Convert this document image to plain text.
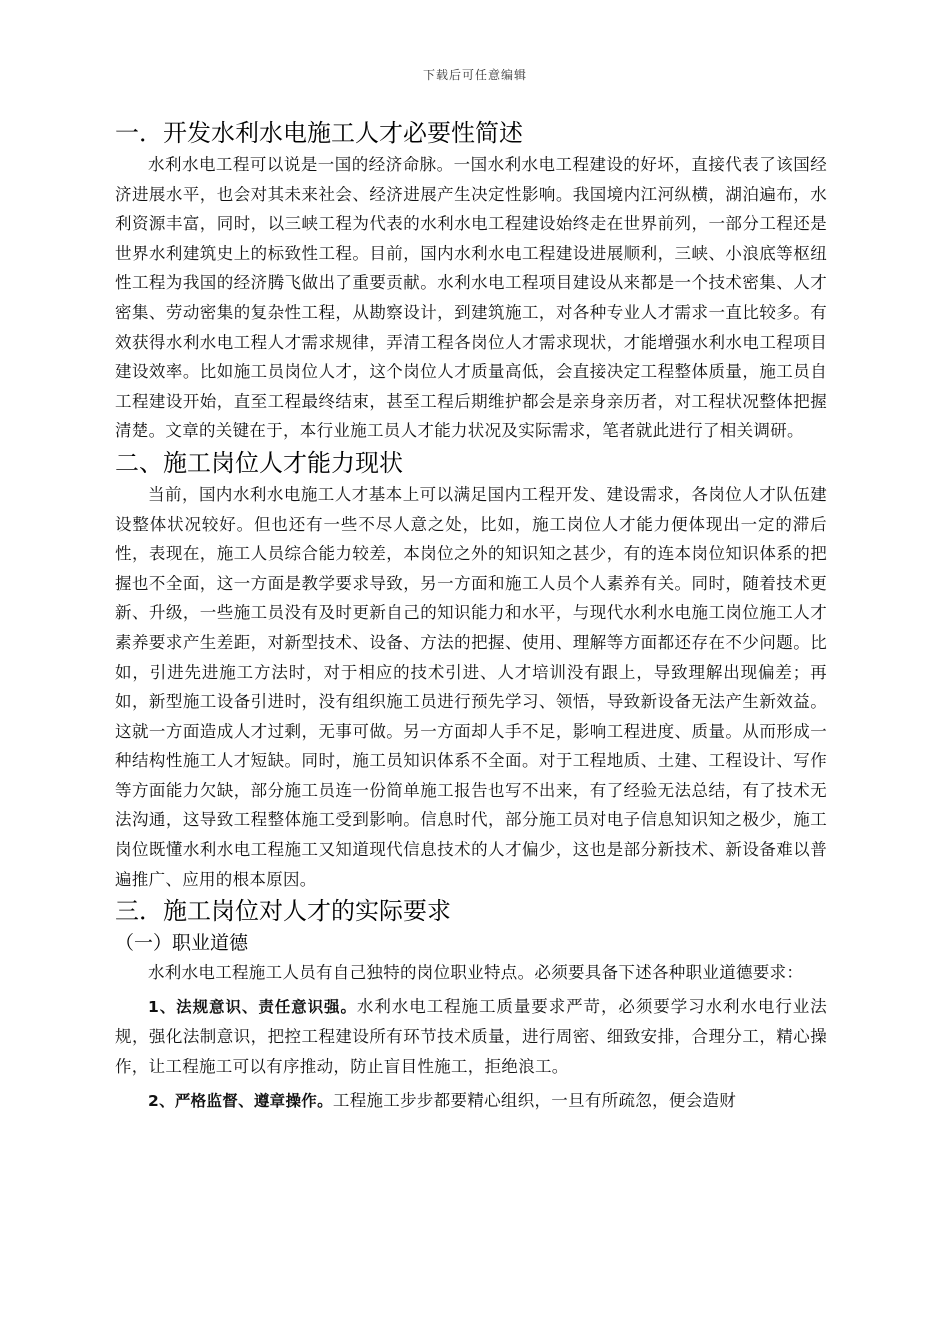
下载后可任意编辑
一．开发水利水电施工人才必要性简述

水利水电工程可以说是一国的经济命脉。一国水利水电工程建设的好坏，直接代表了该国经济进展水平，也会对其未来社会、经济进展产生决定性影响。我国境内江河纵横，湖泊遍布，水利资源丰富，同时，以三峡工程为代表的水利水电工程建设始终走在世界前列，一部分工程还是世界水利建筑史上的标致性工程。目前，国内水利水电工程建设进展顺利，三峡、小浪底等枢纽性工程为我国的经济腾飞做出了重要贡献。水利水电工程项目建设从来都是一个技术密集、人才密集、劳动密集的复杂性工程，从勘察设计，到建筑施工，对各种专业人才需求一直比较多。有效获得水利水电工程人才需求规律，弄清工程各岗位人才需求现状，才能增强水利水电工程项目建设效率。比如施工员岗位人才，这个岗位人才质量高低，会直接决定工程整体质量，施工员自工程建设开始，直至工程最终结束，甚至工程后期维护都会是亲身亲历者，对工程状况整体把握清楚。文章的关键在于，本行业施工员人才能力状况及实际需求，笔者就此进行了相关调研。

二、施工岗位人才能力现状

当前，国内水利水电施工人才基本上可以满足国内工程开发、建设需求，各岗位人才队伍建设整体状况较好。但也还有一些不尽人意之处，比如，施工岗位人才能力便体现出一定的滞后性，表现在，施工人员综合能力较差，本岗位之外的知识知之甚少，有的连本岗位知识体系的把握也不全面，这一方面是教学要求导致，另一方面和施工人员个人素养有关。同时，随着技术更新、升级，一些施工员没有及时更新自己的知识能力和水平，与现代水利水电施工岗位施工人才素养要求产生差距，对新型技术、设备、方法的把握、使用、理解等方面都还存在不少问题。比如，引进先进施工方法时，对于相应的技术引进、人才培训没有跟上，导致理解出现偏差；再如，新型施工设备引进时，没有组织施工员进行预先学习、领悟，导致新设备无法产生新效益。这就一方面造成人才过剩，无事可做。另一方面却人手不足，影响工程进度、质量。从而形成一种结构性施工人才短缺。同时，施工员知识体系不全面。对于工程地质、土建、工程设计、写作等方面能力欠缺，部分施工员连一份简单施工报告也写不出来，有了经验无法总结，有了技术无法沟通，这导致工程整体施工受到影响。信息时代，部分施工员对电子信息知识知之极少，施工岗位既懂水利水电工程施工又知道现代信息技术的人才偏少，这也是部分新技术、新设备难以普遍推广、应用的根本原因。

三．施工岗位对人才的实际要求
（一）职业道德

水利水电工程施工人员有自己独特的岗位职业特点。必须要具备下述各种职业道德要求：

1、法规意识、责任意识强。水利水电工程施工质量要求严苛，必须要学习水利水电行业法规，强化法制意识，把控工程建设所有环节技术质量，进行周密、细致安排，合理分工，精心操作，让工程施工可以有序推动，防止盲目性施工，拒绝浪工。

2、严格监督、遵章操作。工程施工步步都要精心组织，一旦有所疏忽，便会造财
